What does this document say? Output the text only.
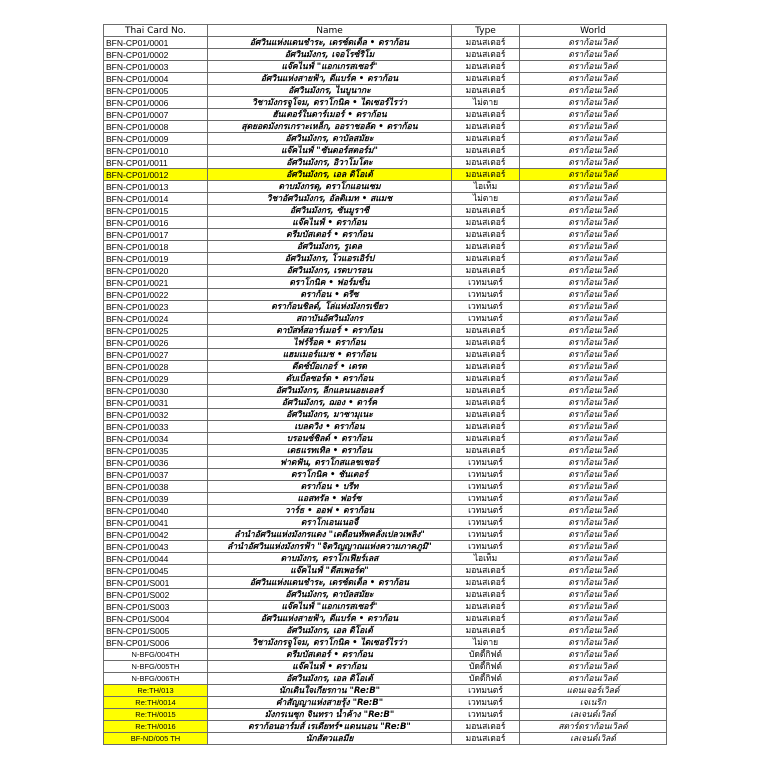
Thai Card No.	Name	Type	World
BFN-CP01/0001	อัศวินแห่งแดนชำระ, เดรซ์ดเต็ล • ดราก้อน	มอนสเตอร์	ดราก้อนเวิลด์
BFN-CP01/0002	อัศวินมังกร, เจอโรซ์ริโม	มอนสเตอร์	ดราก้อนเวิลด์
BFN-CP01/0003	แจ๊คไนฟ์ "แอกเกรสเซอร์"	มอนสเตอร์	ดราก้อนเวิลด์
BFN-CP01/0004	อัศวินแห่งสายฟ้า, ดีแบร์ค • ดราก้อน	มอนสเตอร์	ดราก้อนเวิลด์
BFN-CP01/0005	อัศวินมังกร, ไนบูนากะ	มอนสเตอร์	ดราก้อนเวิลด์
BFN-CP01/0006	วิชามังกรจูโจม, ดราโกนิค • ไดเซอร์ไรว่า	ไม่ตาย	ดราก้อนเวิลด์
BFN-CP01/0007	ฮันเตอร์ในดาร์เมอร์ • ดราก้อน	มอนสเตอร์	ดราก้อนเวิลด์
BFN-CP01/0008	สุดยอดมังกรเกราะเหล็ก, ออราชอลัด • ดราก้อน	มอนสเตอร์	ดราก้อนเวิลด์
BFN-CP01/0009	อัศวินมังกร, ดาบัลสมัยะ	มอนสเตอร์	ดราก้อนเวิลด์
BFN-CP01/0010	แจ๊คไนฟ์ "ซันดอร์สตอร์ม"	มอนสเตอร์	ดราก้อนเวิลด์
BFN-CP01/0011	อัศวินมังกร, อิวาโมโตะ	มอนสเตอร์	ดราก้อนเวิลด์
BFN-CP01/0012	อัศวินมังกร, เอล ดิโอเต้	มอนสเตอร์	ดราก้อนเวิลด์
BFN-CP01/0013	ดาบมังกรดุ, ดราโกแอนเซม	ไอเท็ม	ดราก้อนเวิลด์
BFN-CP01/0014	วิชาอัศวินมังกร, อัลติเมท • สแมช	ไม่ตาย	ดราก้อนเวิลด์
BFN-CP01/0015	อัศวินมังกร, ซันมูราซี	มอนสเตอร์	ดราก้อนเวิลด์
BFN-CP01/0016	แจ๊คไนฟ์ • ดราก้อน	มอนสเตอร์	ดราก้อนเวิลด์
BFN-CP01/0017	ดรีมบัสเตอร์ • ดราก้อน	มอนสเตอร์	ดราก้อนเวิลด์
BFN-CP01/0018	อัศวินมังกร, รูเดล	มอนสเตอร์	ดราก้อนเวิลด์
BFN-CP01/0019	อัศวินมังกร, โวแอรเอิร์ป	มอนสเตอร์	ดราก้อนเวิลด์
BFN-CP01/0020	อัศวินมังกร, เรดบารอน	มอนสเตอร์	ดราก้อนเวิลด์
BFN-CP01/0021	ดราโกนิค • ฟอร์มขั้น	เวทมนตร์	ดราก้อนเวิลด์
BFN-CP01/0022	ดราก้อน • ดรีซ	เวทมนตร์	ดราก้อนเวิลด์
BFN-CP01/0023	ดราก้อนชิลด์, โล่แห่งมังกรเขียว	เวทมนตร์	ดราก้อนเวิลด์
BFN-CP01/0024	สถาบันอัศวินมังกร	เวทมนตร์	ดราก้อนเวิลด์
BFN-CP01/0025	ดาบัสท์สอาร์เมอร์ • ดราก้อน	มอนสเตอร์	ดราก้อนเวิลด์
BFN-CP01/0026	ไฟร์ร็อค • ดราก้อน	มอนสเตอร์	ดราก้อนเวิลด์
BFN-CP01/0027	แฮมเมอร์แมช • ดราก้อน	มอนสเตอร์	ดราก้อนเวิลด์
BFN-CP01/0028	ดีดซ์บ๊อเกอร์ • เดรด	มอนสเตอร์	ดราก้อนเวิลด์
BFN-CP01/0029	ดับเบิ้ลซอร์ด • ดราก้อน	มอนสเตอร์	ดราก้อนเวิลด์
BFN-CP01/0030	อัศวินมังกร, ลีกแลนนอยเอลร์	มอนสเตอร์	ดราก้อนเวิลด์
BFN-CP01/0031	อัศวินมังกร, ฌอง • ดาร์ค	มอนสเตอร์	ดราก้อนเวิลด์
BFN-CP01/0032	อัศวินมังกร, มาซามุเนะ	มอนสเตอร์	ดราก้อนเวิลด์
BFN-CP01/0033	เบลดวิง • ดราก้อน	มอนสเตอร์	ดราก้อนเวิลด์
BFN-CP01/0034	บรอนซ์ชิลด์ • ดราก้อน	มอนสเตอร์	ดราก้อนเวิลด์
BFN-CP01/0035	เดธแรทเทิล • ดราก้อน	มอนสเตอร์	ดราก้อนเวิลด์
BFN-CP01/0036	ฟาดฟัน, ดราโกสแลชเชอร์	เวทมนตร์	ดราก้อนเวิลด์
BFN-CP01/0037	ดราโกนิค • ชันเตอร์	เวทมนตร์	ดราก้อนเวิลด์
BFN-CP01/0038	ดราก้อน • บรีท	เวทมนตร์	ดราก้อนเวิลด์
BFN-CP01/0039	แอสทรัล • ฟอร์ซ	เวทมนตร์	ดราก้อนเวิลด์
BFN-CP01/0040	วาร์ธ • ออฟ • ดราก้อน	เวทมนตร์	ดราก้อนเวิลด์
BFN-CP01/0041	ดราโกเอนเนอจี้	เวทมนตร์	ดราก้อนเวิลด์
BFN-CP01/0042	ลำนำอัศวินแห่งมังกรแดง "เดดือนทัพคลั่งเปลวเพลิง"	เวทมนตร์	ดราก้อนเวิลด์
BFN-CP01/0043	ลำนำอัศวินแห่งมังกรฟ้า "จิตวิญญาณแห่งความภาคภูมิ"	เวทมนตร์	ดราก้อนเวิลด์
BFN-CP01/0044	ดาบมังกร, ดราโกเฟียร์เลส	ไอเท็ม	ดราก้อนเวิลด์
BFN-CP01/0045	แจ๊คไนฟ์ "ดีสเพอร์ด"	มอนสเตอร์	ดราก้อนเวิลด์
BFN-CP01/S001	อัศวินแห่งแดนชำระ, เดรซ์ดเต็ล • ดราก้อน	มอนสเตอร์	ดราก้อนเวิลด์
BFN-CP01/S002	อัศวินมังกร, ดาบัลสมัยะ	มอนสเตอร์	ดราก้อนเวิลด์
BFN-CP01/S003	แจ๊คไนฟ์ "แอกเกรสเซอร์"	มอนสเตอร์	ดราก้อนเวิลด์
BFN-CP01/S004	อัศวินแห่งสายฟ้า, ดีแบร์ค • ดราก้อน	มอนสเตอร์	ดราก้อนเวิลด์
BFN-CP01/S005	อัศวินมังกร, เอล ดิโอเต้	มอนสเตอร์	ดราก้อนเวิลด์
BFN-CP01/S006	วิชามังกรจูโจม, ดราโกนิค • ไดเซอร์ไรว่า	ไม่ตาย	ดราก้อนเวิลด์
N-BFG/004TH	ดรีมบัสเตอร์ • ดราก้อน	บัดดี้กิฟต์	ดราก้อนเวิลด์
N-BFG/005TH	แจ๊คไนฟ์ • ดราก้อน	บัดดี้กิฟต์	ดราก้อนเวิลด์
N-BFG/006TH	อัศวินมังกร, เอล ดิโอเต้	บัดดี้กิฟต์	ดราก้อนเวิลด์
Re:TH/013	นักเดินใจเกียรกาน "Re:B"	เวทมนตร์	แดนเจอร์เวิลด์
Re:TH/0014	คำสัญญาแห่งสายรุ้ง "Re:B"	เวทมนตร์	เจเนริก
Re:TH/0015	มังกรเนซุก จินทรา น้ำค้าง "Re:B"	เวทมนตร์	เลเจนด์เวิลด์
Re:TH/0016	ดราก้อนอาร์มส์ เรเดียทร์•แดนนอน "Re:B"	มอนสเตอร์	สตาร์ดราก้อนเวิลด์
BF-ND/005 TH	นักสัตวแลมีย	มอนสเตอร์	เลเจนด์เวิลด์
